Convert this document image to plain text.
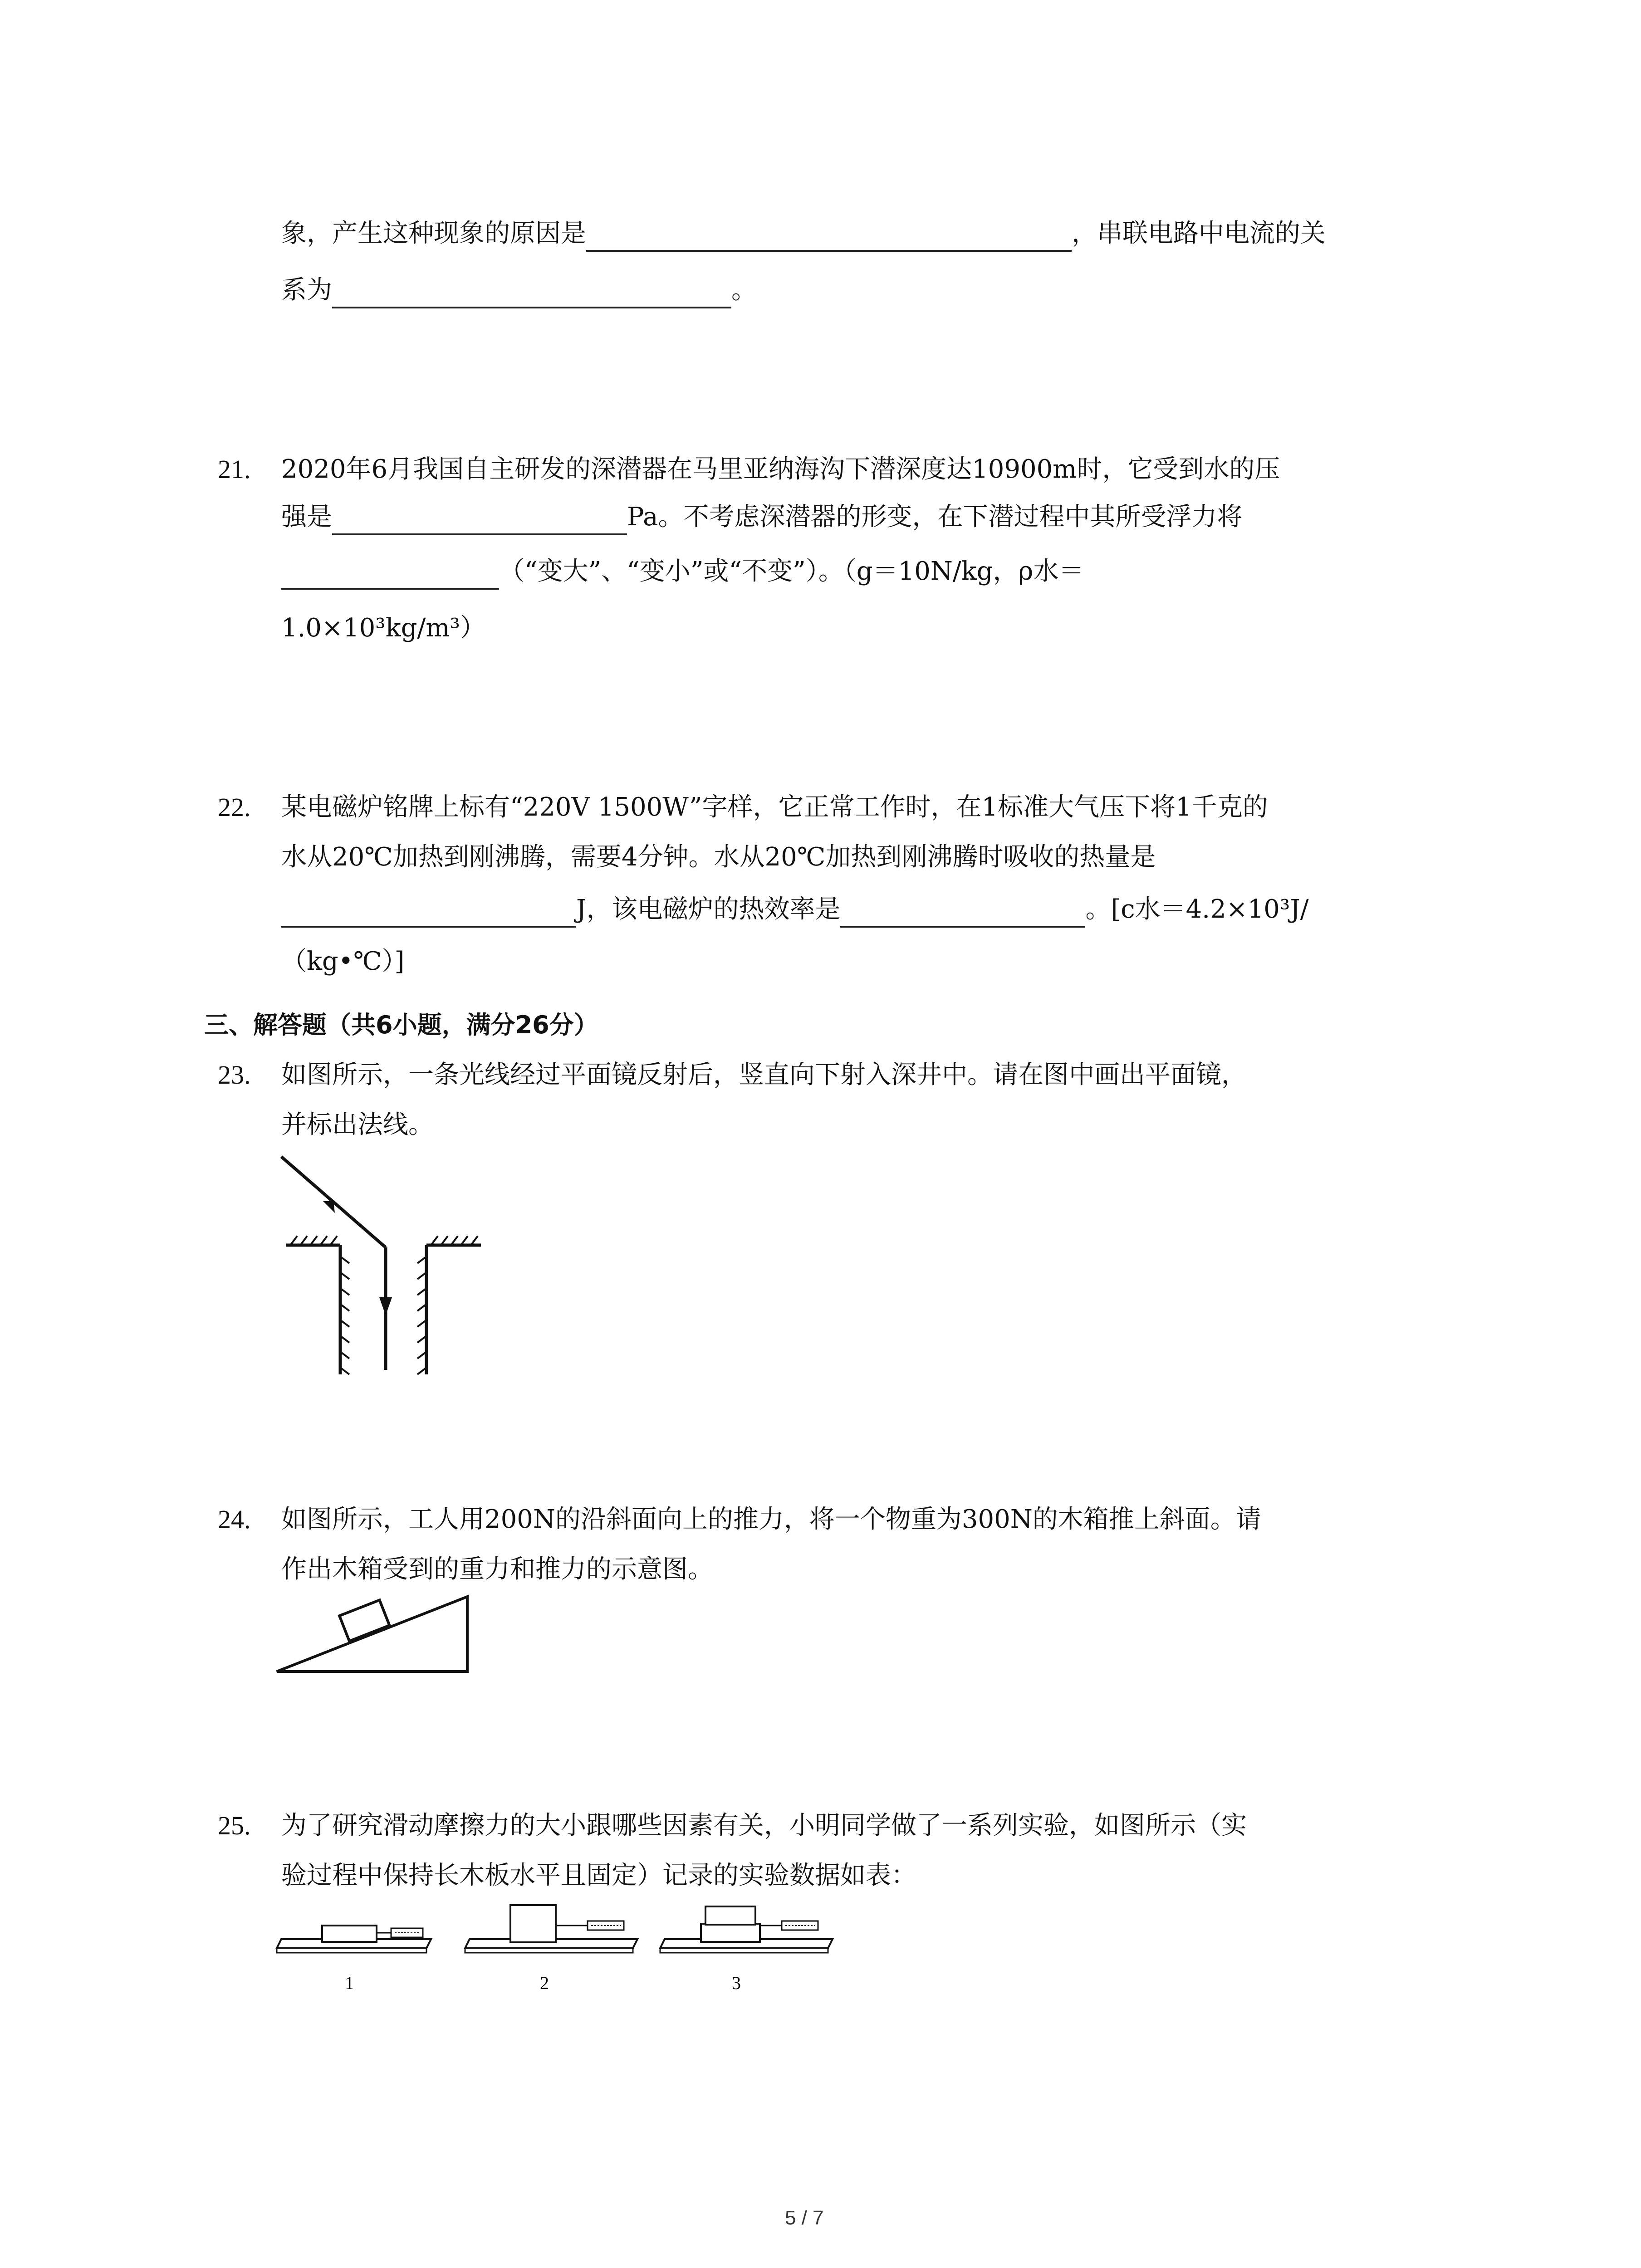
象，产生这种现象的原因是	，串联电路中电流的关
系为	。
21. 2020年6月我国自主研发的深潜器在马里亚纳海沟下潜深度达10900m时，它受到水的压
强是	Pa。不考虑深潜器的形变，在下潜过程中其所受浮力将
（“变大”、“变小”或“不变”）。（g＝10N/kg，ρ水＝
1.0×10³kg/m³）
22. 某电磁炉铭牌上标有“220V 1500W”字样，它正常工作时，在1标准大气压下将1千克的
水从20℃加热到刚沸腾，需要4分钟。水从20℃加热到刚沸腾时吸收的热量是
J，该电磁炉的热效率是	。[c水＝4.2×10³J/
（kg•℃）]
三、解答题（共6小题，满分26分）
23. 如图所示，一条光线经过平面镜反射后，竖直向下射入深井中。请在图中画出平面镜，
并标出法线。
24. 如图所示，工人用200N的沿斜面向上的推力，将一个物重为300N的木箱推上斜面。请
作出木箱受到的重力和推力的示意图。
25. 为了研究滑动摩擦力的大小跟哪些因素有关，小明同学做了一系列实验，如图所示（实
验过程中保持长木板水平且固定）记录的实验数据如表：
1	2	3
5 / 7
